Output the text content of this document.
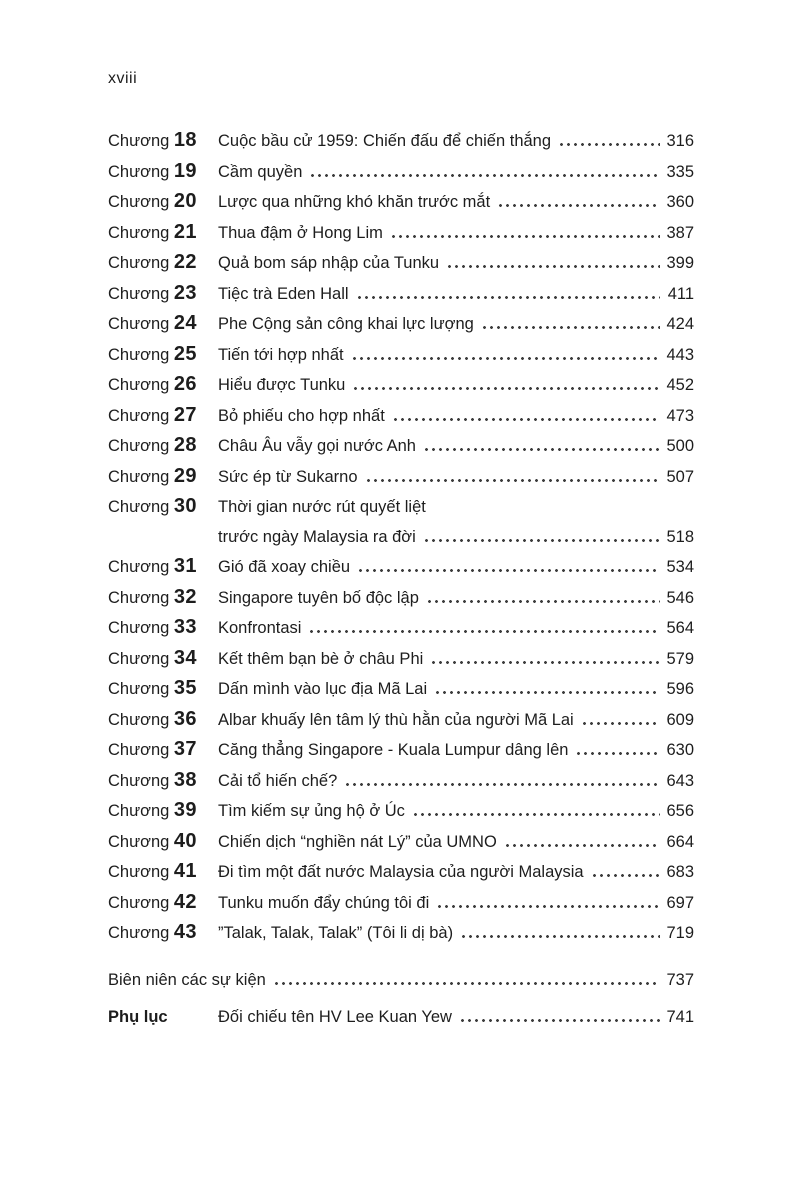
xviii
Chương 18	Cuộc bầu cử 1959: Chiến đấu để chiến thắng	316
Chương 19	Cầm quyền	335
Chương 20	Lược qua những khó khăn trước mắt	360
Chương 21	Thua đậm ở Hong Lim	387
Chương 22	Quả bom sáp nhập của Tunku	399
Chương 23	Tiệc trà Eden Hall	411
Chương 24	Phe Cộng sản công khai lực lượng	424
Chương 25	Tiến tới hợp nhất	443
Chương 26	Hiểu được Tunku	452
Chương 27	Bỏ phiếu cho hợp nhất	473
Chương 28	Châu Âu vẫy gọi nước Anh	500
Chương 29	Sức ép từ Sukarno	507
Chương 30	Thời gian nước rút quyết liệt
trước ngày Malaysia ra đời	518
Chương 31	Gió đã xoay chiều	534
Chương 32	Singapore tuyên bố độc lập	546
Chương 33	Konfrontasi	564
Chương 34	Kết thêm bạn bè ở châu Phi	579
Chương 35	Dấn mình vào lục địa Mã Lai	596
Chương 36	Albar khuấy lên tâm lý thù hằn của người Mã Lai	609
Chương 37	Căng thẳng Singapore - Kuala Lumpur dâng lên	630
Chương 38	Cải tổ hiến chế?	643
Chương 39	Tìm kiếm sự ủng hộ ở Úc	656
Chương 40	Chiến dịch “nghiền nát Lý” của UMNO	664
Chương 41	Đi tìm một đất nước Malaysia của người Malaysia	683
Chương 42	Tunku muốn đẩy chúng tôi đi	697
Chương 43	”Talak, Talak, Talak” (Tôi li dị bà)	719
Biên niên các sự kiện	737
Phụ lục	Đối chiếu tên HV Lee Kuan Yew	741
